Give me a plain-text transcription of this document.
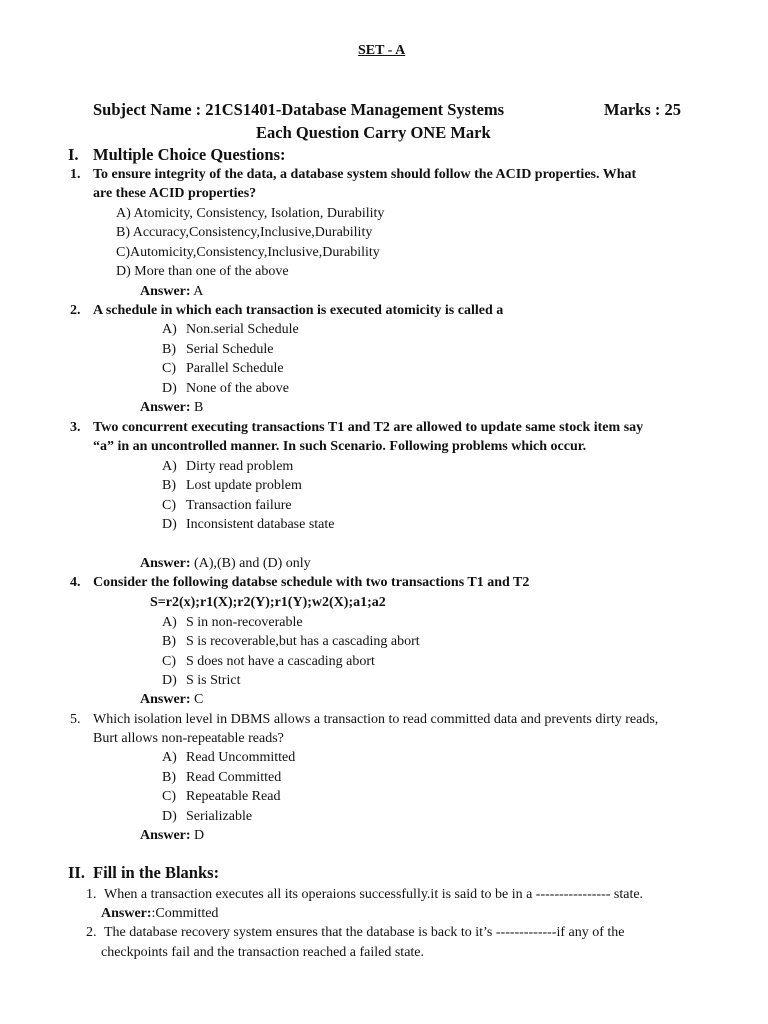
SET - A
Subject Name : 21CS1401-Database Management Systems	Marks : 25
Each Question Carry ONE Mark
I. Multiple Choice Questions:
1. To ensure integrity of the data, a database system should follow the ACID properties. What
are these ACID properties?
A) Atomicity, Consistency, Isolation, Durability
B) Accuracy,Consistency,Inclusive,Durability
C)Automicity,Consistency,Inclusive,Durability
D) More than one of the above
Answer: A
2. A schedule in which each transaction is executed atomicity is called a
A) Non.serial Schedule
B) Serial Schedule
C) Parallel Schedule
D) None of the above
Answer: B
3. Two concurrent executing transactions T1 and T2 are allowed to update same stock item say
“a” in an uncontrolled manner. In such Scenario. Following problems which occur.
A) Dirty read problem
B) Lost update problem
C) Transaction failure
D) Inconsistent database state
Answer: (A),(B) and (D) only
4. Consider the following databse schedule with two transactions T1 and T2
S=r2(x);r1(X);r2(Y);r1(Y);w2(X);a1;a2
A) S in non-recoverable
B) S is recoverable,but has a cascading abort
C) S does not have a cascading abort
D) S is Strict
Answer: C
5. Which isolation level in DBMS allows a transaction to read committed data and prevents dirty reads,
Burt allows non-repeatable reads?
A) Read Uncommitted
B) Read Committed
C) Repeatable Read
D) Serializable
Answer: D
II. Fill in the Blanks:
1. When a transaction executes all its operaions successfully.it is said to be in a ---------------- state.
Answer::Committed
2. The database recovery system ensures that the database is back to it’s -------------if any of the
checkpoints fail and the transaction reached a failed state.
